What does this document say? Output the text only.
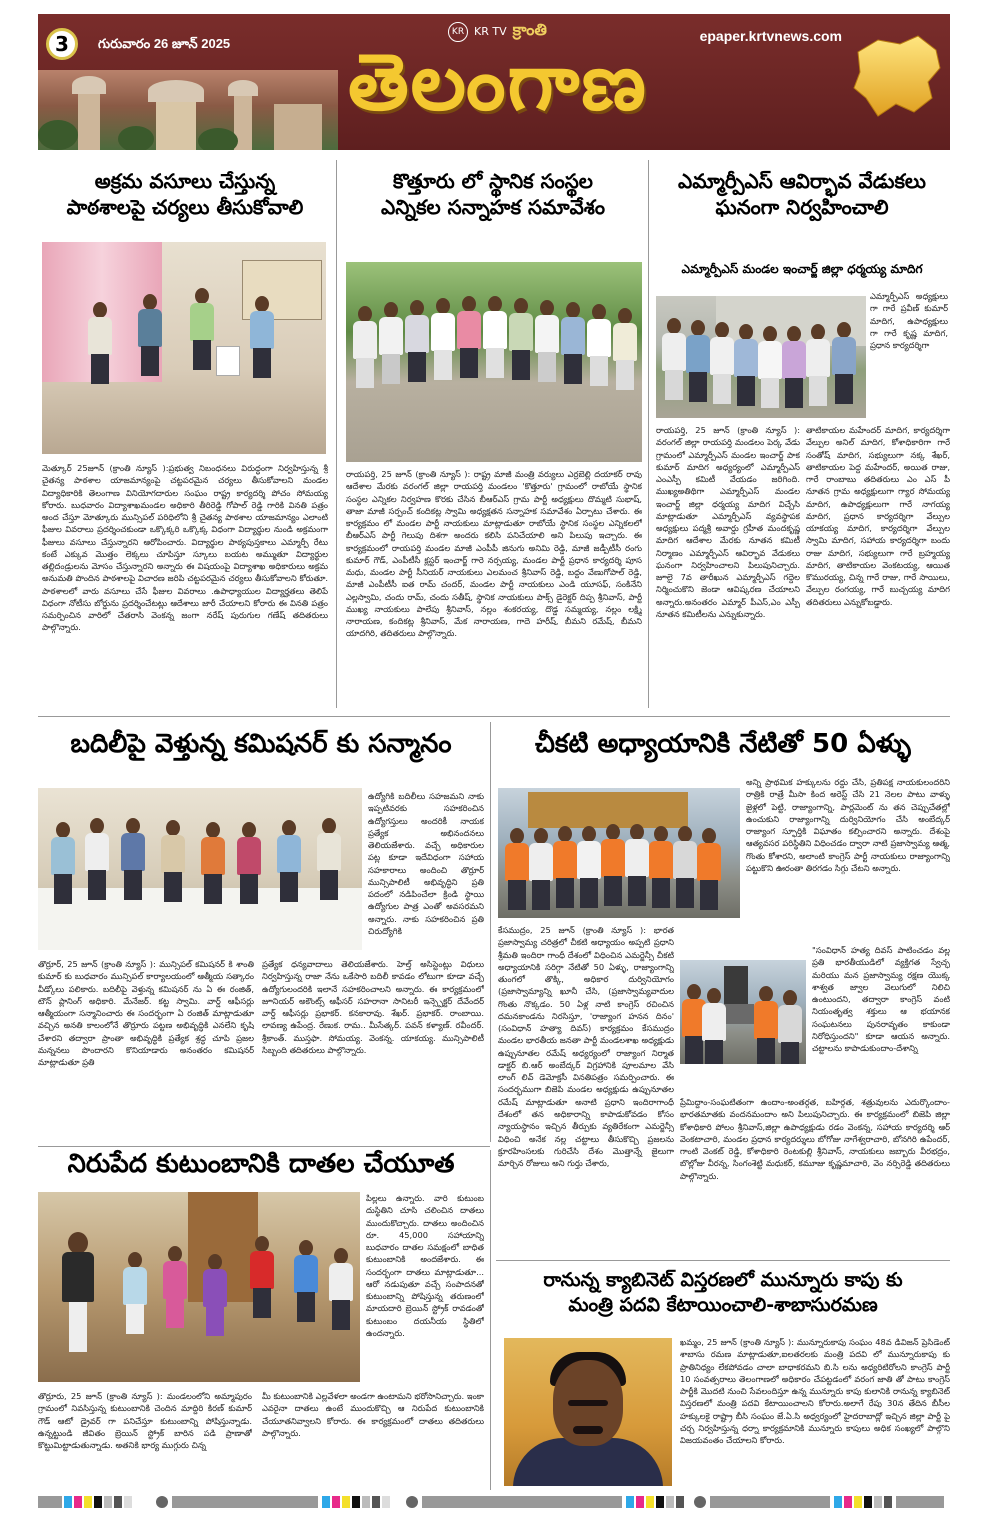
3	గురువారం 26 జూన్ 2025
KR KR TV క్రాంతి
తెలంగాణ
epaper.krtvnews.com
అక్రమ వసూలు చేస్తున్న
పాఠశాలపై చర్యలు తీసుకోవాలి
మెత్కూర్ 25జూన్ (క్రాంతి న్యూస్ ):ప్రభుత్వ నిబంధనలు విరుద్ధంగా నిర్వహిస్తున్న శ్రీ చైతన్య పాఠశాల యాజమాన్యంపై చట్టపరమైన చర్యలు తీసుకోవాలని మండల విద్యాధికారికి తెలంగాణ వినియోగదారుల సంఘం రాష్ట్ర కార్యదర్శి పోచం సోమయ్య కోరారు. బుధవారం విద్యాశాఖమండల అధికారి తీరిరెడ్డి గోపాల్ రెడ్డి గారికి వినతి పత్రం అంద చేస్తూ మోత్కూరు మున్సిపల్ పరిధిలోని శ్రీ చైతన్య పాఠశాల యాజమాన్యం ఎలాంటి ఫీజుల వివరాలు ప్రదర్శించకుండా ఒక్కొక్కరి ఒక్కొక్క విధంగా విద్యార్థుల నుండి అక్రమంగా ఫీజులు వసూలు చేస్తున్నారని ఆరోపించారు. విద్యార్థుల పాఠ్యపుస్తకాలు ఎమ్మార్పీ రేటు కంటే ఎక్కువ మొత్తం లెక్కలు చూపిస్తూ స్కూలు బయట అమ్ముతూ విద్యార్థుల తల్లిదండ్రులను మోసం చేస్తున్నారని అన్నారు ఈ విషయంపై విద్యాశాఖ అధికారులు అక్రమ అనుమతి పొందిన పాఠశాలపై విచారణ జరిపి చట్టపరమైన చర్యలు తీసుకోవాలని కోరుతూ. పాఠశాలలో వారు వసూలు చేసే ఫీజుల వివరాలు .ఉపాధ్యాయుల విద్యార్హతలు తెలిపే విధంగా నోటీసు బోర్డును ప్రదర్శించేటట్లు ఆదేశాలు జారీ చేయాలని కోరారు ఈ వినతి పత్రం సమర్పించిన వారిలో చేతరాసి వెంకన్న జంగా నరేష్ పురుగుల గణేష్ తదితరులు పాల్గొన్నారు.
కొత్తూరు లో స్థానిక సంస్థల
ఎన్నికల సన్నాహక సమావేశం
రాయపర్తి, 25 జూన్ (క్రాంతి న్యూస్ ): రాష్ట్ర మాజీ మంత్రి వర్యులు ఎర్రబెల్లి దయాకర్ రావు ఆదేశాల మేరకు వరంగల్ జిల్లా రాయపర్తి మండలం 'కొత్తూరు' గ్రామంలో రాబోయే స్థానిక సంస్థల ఎన్నికల నిర్వహణ కొరకు చేసిన బీఆర్ఎస్ గ్రామ పార్టీ అధ్యక్షులు దొమ్మటి సుభాష్, తాజా మాజీ సర్పంచ్ కందికట్ల స్వామి అధ్యక్షతన సన్నాహక సమావేశం ఏర్పాటు చేశారు. ఈ కార్యక్రమం లో మండల పార్టీ నాయకులు మాట్లాడుతూ రాబోయే స్థానిక సంస్థల ఎన్నికలలో బీఆర్ఎస్ పార్టీ గెలుపు దిశగా అందరు కలిసి పనిచేయాలి అని పిలుపు ఇచ్చారు. ఈ కార్యక్రమంలో రాయపర్తి మండల మాజీ ఎంపీపీ జినుగు అనిమి రెడ్డి, మాజీ జడ్పీటీసీ రంగు కుమార్ గౌడ్, ఎంపీటీసీ క్లస్టర్ ఇంచార్జ్ గారె నర్సయ్య, మండల పార్టీ ప్రధాన కార్యదర్శి పూస మధు, మండల పార్టీ సీనియర్ నాయకులు ఎలమంచ శ్రీనివాస్ రెడ్డి, బద్దం వేణుగోపాల్ రెడ్డి, మాజీ ఎంపీటీసీ ఐత రామ్ చందర్, మండల పార్టీ నాయకులు ఎండి యూసఫ్, సంకినేని ఎల్లస్వామి, చందు రామ్, చందు సతీష్, స్థానిక నాయకులు పాక్స్ డైరెక్టర్ దిప్ప శ్రీనివాస్, పార్టీ ముఖ్య నాయకులు పాలేపు శ్రీనివాస్, నల్లం శంకరయ్య, దొడ్డ సమ్మయ్య, నల్లం లక్ష్మి నారాయణ, కందికట్ల శ్రీనివాస్, మేక నారాయణ, గాదె హరీష్, బీమని రమేష్, బీమని యాదగిరి, తదితరులు పాల్గొన్నారు.
ఎమ్మార్పీఎస్ ఆవిర్భావ వేడుకలు
ఘనంగా నిర్వహించాలి
ఎమ్మార్పీఎస్ మండల ఇంచార్జ్ జిల్లా ధర్మయ్య మాదిగ
ఎమ్మార్పీఎస్ అధ్యక్షులు గా గారే ప్రవీణ్ కుమార్ మాదిగ, ఉపాధ్యక్షులు గా గారే కృష్ణ మాదిగ, ప్రధాన కార్యదర్శిగా
రాయపర్తి, 25 జూన్ (క్రాంతి న్యూస్ ): వరంగల్ జిల్లా రాయపర్తి మండలం పెర్క వేడు గ్రామంలో ఎమ్మార్పీఎస్ మండల ఇంచార్జ్ పాక కుమార్ మాదిగ అధ్యర్యంలో ఎమ్మార్పీఎస్ ఎంఎస్పీ కమిటీ వేయడం జరిగింది. ముఖ్యఅతిథిగా ఎమ్మార్పీఎస్ మండల ఇంచార్జ్ జిల్లా ధర్మయ్య మాదిగ విచ్చేసి మాట్లాడుతూ ఎమ్మార్పీఎస్ వ్యవస్థాపక అధ్యక్షులు పద్మశ్రీ అవార్డు గ్రహీత మందకృష్ణ మాదిగ ఆదేశాల మేరకు నూతన కమిటీ నిర్మాణం ఎమ్మార్పీఎస్ ఆవిర్భావ వేడుకలు ఘనంగా నిర్వహించాలని పిలుపునిచ్చారు. జూలై 7వ తారీఖున ఎమ్మార్పీఎస్ గద్దెల నిర్మించుకొని జెండా ఆవిష్కరణ చేయాలని అన్నారు.అనంతరం ఎమ్మార్ పీఎస్,ఎం ఎస్పీ నూతన కమిటీలను ఎన్నుకున్నారు.
తాటికాయల మహేందర్ మాదిగ, కార్యదర్శిగా వేల్పుల అనిల్ మాదిగ, కోశాధికారిగా గారే సంతోష్ మాదిగ, సభ్యులుగా నక్క శేఖర్, తాటికాయల పెద్ద మహేందర్, అయిత రాజు, గారే రాంబాబు తదితరులు ఎం ఎస్ పీ నూతన గ్రామ అధ్యక్షులుగా గ్యార సోమయ్య మాదిగ, ఉపాధ్యక్షులుగా గారే నాగయ్య మాదిగ, ప్రధాన కార్యదర్శిగా వేల్పుల యాకయ్య మాదిగ, కార్యదర్శిగా వేల్పుల స్వామి మాదిగ, సహాయ కార్యదర్శిగా బందు రాజు మాదిగ, సభ్యులుగా గారే బ్రహ్మయ్య మాదిగ, తాటికాయల వెంకటయ్య, ఆయిత కొమురయ్య, చిన్న గారే రాజు, గారే సాయిలు, వేల్పుల రంగయ్య, గారే బుచ్చయ్య మాదిగ తదితరులు ఎన్నుకోబడ్డారు.
బదిలీపై వెళ్తున్న కమిషనర్ కు సన్మానం
ఉద్యోగికి బదిలీలు సహజమని నాకు ఇప్పటివరకు సహకరించిన ఉద్యోగస్తులు అందరికీ నాయక ప్రత్యేక అభినందనలు తెలియజేశారు. వచ్చే అధికారుల పట్ల కూడా ఇదేవిధంగా సహాయ సహకారాలు అందించి తొర్రూర్ మున్సిపాలిటీ అభివృద్ధిని ప్రతి పదంలో నడిపించేలా క్రిండి స్థాయి ఉద్యోగుల పాత్ర ఎంతో అవసరమని అన్నారు. నాకు సహకరించిన ప్రతి చిరుద్యోగికి
తొర్రూర్, 25 జూన్ (క్రాంతి న్యూస్ ): మున్సిపల్ కమిషనర్ కి శాంతి కుమార్ కు బుధవారం మున్సిపల్ కార్యాలయంలో ఆత్మీయ సత్కారం వీడ్కోలు పలికారు. బదిలీపై వెళ్తున్న కమిషనర్ ను ఏ ఈ రంజిత్, టౌన్ ప్లానింగ్ అధికారి. మేనేజర్. కట్ట స్వామి. వార్డ్ ఆఫీసర్లు ఆత్మీయంగా సన్మానించారు ఈ సందర్భంగా ఏ రంజిత్ మాట్లాడుతూ వచ్చిన అనతి కాలంలోనే తొర్రూరు పట్టణ అభివృద్ధికి ఎనలేని కృషి చేశారని తద్వారా ప్రాంతా అభివృద్ధికి ప్రత్యేక శ్రద్ధ చూపి ప్రజల మన్ననలు పొందారని కొనియాడారు అనంతరం కమిషనర్ మాట్లాడుతూ ప్రతి
ప్రత్యేక ధన్యవాదాలు తెలియజేశారు. హెల్త్ అసిస్టెంట్లు విధులు నిర్వహిస్తున్న రాజా నేను ఒకేసారి బదిలీ కావడం లోటుగా కూడా వచ్చే ఉద్యోగులందరికి ఇలానే సహకరించాలని అన్నారు. ఈ కార్యక్రమంలో జూనియర్ అకౌంట్స్ ఆఫీసర్ సహరానా సానిటరీ ఇన్స్పెక్టర్ దేవేందర్ వార్డ్ ఆఫీసర్లు ప్రభాకర్. కనకారావు. శేఖర్. ప్రభాకర్. రాంబాయి. లావణ్య ఉపేంద్ర. రేణుక. రామ.. మీసేత్కర్. పవన్ కళ్యాణ్. రవీందర్. శ్రీకాంత్. ముస్తఫా. సోమయ్య. వెంకన్న. యాకయ్య. మున్సిపాలిటీ సిబ్బంది తదితరులు పాల్గొన్నారు.
చీకటి అధ్యాయానికి నేటితో 50 ఏళ్ళు
అన్ని ప్రాథమిక హక్కులను రద్దు చేసి, ప్రతిపక్ష నాయకులందరిని రాత్రికి రాత్రే మీసా కింద అరెస్ట్ చేసి 21 నెలల పాటు వాళ్ళు జైళ్లలో పెట్టి, రాజ్యాంగాన్ని, పార్లమెంట్ ను తన చెప్పుచేతల్లో ఉంచుకుని రాజ్యాంగాన్ని దుర్వినియోగం చేసి అంబేద్కర్ రాజ్యాంగ స్ఫూర్తికి విఘాతం కల్పించారని అన్నారు. దేశంపై ఆత్యవసర పరిస్థితిని విధించడం ద్వారా నాటి ప్రజాస్వామ్య ఆత్మ, గొంతు కోశారని, అలాంటి కాంగ్రెస్ పార్టీ నాయకులు రాజ్యాంగాన్ని పట్టుకొని ఊరంతా తిరగడం సిగ్గు చేటని అన్నారు.
కేసముద్రం, 25 జూన్ (క్రాంతి న్యూస్ ): భారత ప్రజాస్వామ్య చరిత్రలో చీకటి అధ్యాయం అప్పటి ప్రధాని శ్రీమతి ఇందిరా గాంధీ దేశంలో విధించిన ఎమర్జెన్సీ చీకటి అధ్యాయానికి సరిగ్గా నేటితో 50 ఏళ్ళు, రాజ్యాంగాన్ని తుంగలో తొక్కి, అధికార దుర్వినియోగం (ప్రజాస్వామ్యాన్ని ఖూనీ చేసి, (ప్రజాస్వామ్యవాదుల గొంతు నొక్కడం. 50 ఏళ్ల నాటి కాంగ్రెస్ రచించిన దమనకాండను నిరసిస్తూ, 'రాజ్యాంగ హనన దినం' (సంవిధాన్ హత్యా దివస్) కార్యక్రమం కేసముద్రం మండల భారతీయ జనతా పార్టీ మండలశాఖ అధ్యక్షుడు ఉప్పునూతల రమేష్ అధ్యర్యంలో రాజ్యాంగ నిర్మాత డాక్టర్ బి.ఆర్ అంబేద్కర్ విగ్రహానికి పూలమాల వేసి లాంగ్ లివ్ డెమోక్రసీ వినతిపత్రం సమర్పించారు. ఈ సందర్భముగా బిజెపి మండల అధ్యక్షుడు ఉప్పునూతల రమేష్ మాట్లాడుతూ అనాటి ప్రధాని ఇందిరాగాంధీ దేశంలో తన అధికారాన్ని కాపాడుకోవడం కోసం న్యాయస్థానం ఇచ్చిన తీర్పుకు వ్యతిరేకంగా ఎమర్జెన్సీ విధించి అనేక నల్ల చట్టాలు తీసుకొచ్చి ప్రజలను క్రూరహింసలకు గురిచేసి దేశం మొత్తాన్నే జైలుగా మార్చిన రోజులు అని గుర్తు చేశారు,
"సంవిధాన్ హత్య దివస్ పాటించడం వల్ల ప్రతి భారతీయుడిలో వ్యక్తిగత స్వేచ్ఛ మరియు మన ప్రజాస్వామ్య రక్షణ యొక్క శాశ్వత జ్వాల వెలుగులో నిలిచి ఉంటుందని, తద్వారా కాంగ్రెస్ వంటి నియంతృత్వ శక్తులు ఆ భయానక సంఘటనలు పునరావృతం కాకుండా నిరోధిస్తుందని" కూడా ఆయన అన్నారు. చట్టాలను కాపాడుకుందాం-దేశాన్ని
ప్రేమిద్దాం-సంఘటితంగా ఉందాం-అంతర్గత, బహిర్గత, శత్రువులను ఎదుర్కొందాం-భారతమాతకు వందనమందాం అని పిలుపునిచ్చారు. ఈ కార్యక్రమంలో బిజెపి జిల్లా కోశాధికారి పోలం శ్రీనివాస్,జిల్లా ఉపాధ్యక్షుడు రడం వెంకన్న, సహాయ కార్యదర్శి ఆర్ వెంకటాచారి, మండల ప్రధాన కార్యదర్శులు బోగోజు నాగేశ్వరాచారి, బోనగిరి ఉపేందర్, గాంటి వెంకట్ రెడ్డి, కోశాధికారి రెంటకుల్లి శ్రీనివాస్, నాయకులు జబ్బారు వీరభద్రం, బొల్లోజు వీరన్న, సింగంశెట్టి మధుకర్, కమూజు కృష్ణమాచారి, వెం నర్సిరెడ్డి తదితరులు పాల్గొన్నారు.
నిరుపేద కుటుంబానికి దాతల చేయూత
పిల్లలు ఉన్నారు. వారి కుటుంబ దుస్థితిని చూసి చలించిన దాతలు ముందుకొచ్చారు. దాతలు అందించిన రూ. 45,000 సహాయాన్ని బుధవారం దాతల సమక్షంలో బాధిత కుటుంబానికి అందజేశారు. ఈ సందర్భంగా దాతలు మాట్లాడుతూ... ఆరో నడుపుతూ వచ్చే సంపాదనతో కుటుంబాన్ని పోషిస్తున్న తరుణంలో మాయదారి బ్రెయిన్ స్ట్రోక్ రావడంతో కుటుంబం దయనీయ స్థితిలో ఉందన్నారు.
తొర్రూరు, 25 జూన్ (క్రాంతి న్యూస్ ): మండలంలోని అమ్మాపురం గ్రామంలో నివసిస్తున్న కుటుంబానికి చెందిన మాద్దిరి కిరణ్ కుమార్ గౌడ్ ఆటో డ్రైవర్ గా పనిచేస్తూ కుటుంబాన్ని పోషిస్తున్నాడు. ఉన్నట్టుండి జీవితం బ్రెయిన్ స్ట్రోక్ బారిన పడి ప్రాణాతో కొట్టుమిట్టాడుతున్నాడు. అతనికి భార్య ముగ్గురు చిన్న
మీ కుటుంబానికి ఎల్లవేళలా అండగా ఉంటామని భరోసానిచ్చారు. ఇంకా ఎవరైనా దాతలు ఉంటే ముందుకొచ్చి ఆ నిరుపేద కుటుంబానికి చేయూతనివ్వాలని కోరారు. ఈ కార్యక్రమంలో దాతలు తదితరులు పాల్గొన్నారు.
రానున్న క్యాబినెట్ విస్తరణలో మున్నూరు కాపు కు
మంత్రి పదవి కేటాయించాలి-శాబాసురమణ
ఖమ్మం, 25 జూన్ (క్రాంతి న్యూస్ ): మున్నూరుకాపు సంఘం 48వ డివిజన్ ప్రెసిడెంట్ శాబాసు రమణ మాట్లాడుతూ,ఐలతరలకు మంత్రి పదవి లో మున్నూరుకాపు కు ప్రాతినిధ్యం లేకపోవడం చాలా బాధాకరమని బి.సి లను అధ్యరిటిరోలని కాంగ్రెస్ పార్టీ 10 సంవత్సరాలు తెలంగాణలో అధికారం చేపట్టడంలో వరంగ జాతి తో పాటు కాంగ్రెస్ పార్టీకి మొదటి నుంచి సేవలందిస్తూ ఉన్న మున్నూరు కాపు కులానికి రానున్న క్యాబినెట్ విస్తరణలో మంత్రి పదవి కేటాయించాలని కోరారు.అలాగే రేపు 30న తేదిన బీసీల హక్కులకై రాష్ట్రా బీసి సంఘం జే.ఏ.సి అధ్వర్యంలో హైదరాబాద్లో ఇచ్చిన జిల్లా పార్టీ పై చర్చ నిర్వహిస్తున్న ధర్నా కార్యక్రమానికి మున్నూరు కాపులు అధిక సంఖ్యలో పాల్గొని విజయవంతం చేయాలని కోరారు.
